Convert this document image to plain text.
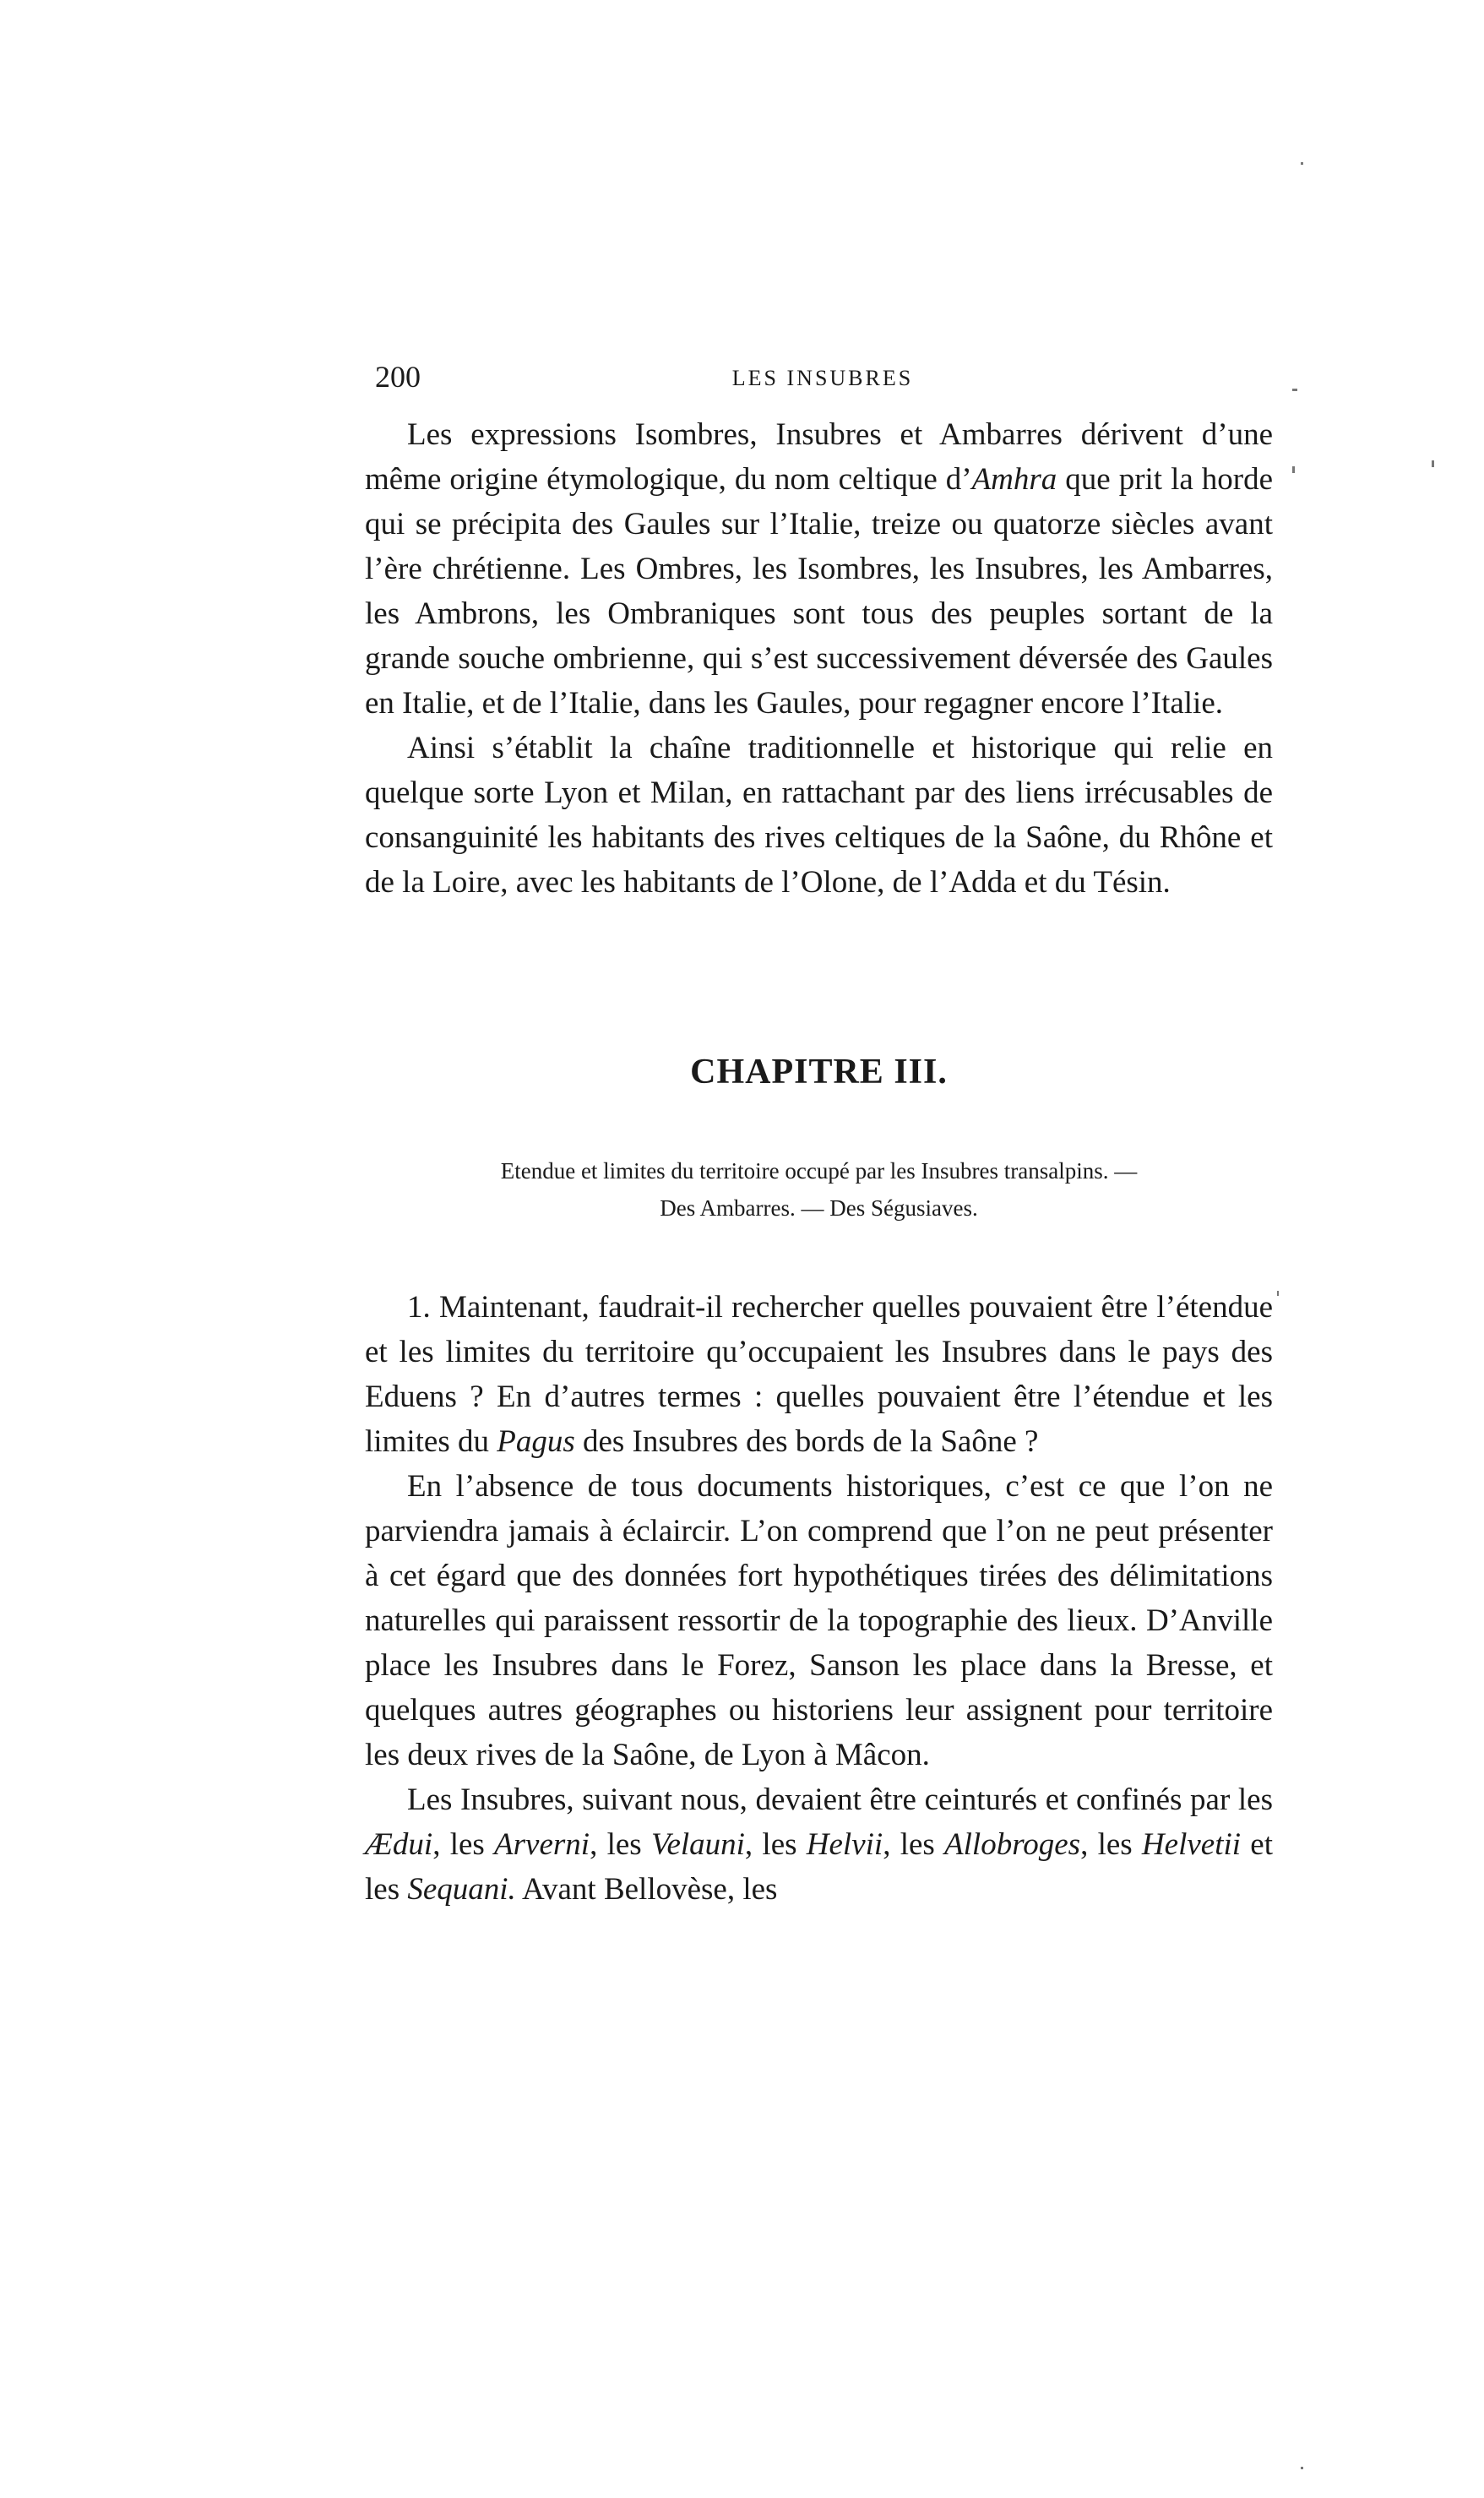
200	LES INSUBRES

Les expressions Isombres, Insubres et Ambarres dérivent d’une même origine étymologique, du nom celtique d’Amhra que prit la horde qui se précipita des Gaules sur l’Italie, treize ou quatorze siècles avant l’ère chrétienne. Les Ombres, les Isombres, les Insubres, les Ambarres, les Ambrons, les Ombraniques sont tous des peuples sortant de la grande souche ombrienne, qui s’est successivement déversée des Gaules en Italie, et de l’Italie, dans les Gaules, pour regagner encore l’Italie.

Ainsi s’établit la chaîne traditionnelle et historique qui relie en quelque sorte Lyon et Milan, en rattachant par des liens irrécusables de consanguinité les habitants des rives celtiques de la Saône, du Rhône et de la Loire, avec les habitants de l’Olone, de l’Adda et du Tésin.

CHAPITRE III.
Etendue et limites du territoire occupé par les Insubres transalpins. —
Des Ambarres. — Des Ségusiaves.

1. Maintenant, faudrait-il rechercher quelles pouvaient être l’étendue et les limites du territoire qu’occupaient les Insubres dans le pays des Eduens ? En d’autres termes : quelles pouvaient être l’étendue et les limites du Pagus des Insubres des bords de la Saône ?

En l’absence de tous documents historiques, c’est ce que l’on ne parviendra jamais à éclaircir. L’on comprend que l’on ne peut présenter à cet égard que des données fort hypothétiques tirées des délimitations naturelles qui paraissent ressortir de la topographie des lieux. D’Anville place les Insubres dans le Forez, Sanson les place dans la Bresse, et quelques autres géographes ou historiens leur assignent pour territoire les deux rives de la Saône, de Lyon à Mâcon.

Les Insubres, suivant nous, devaient être ceinturés et confinés par les Ædui, les Arverni, les Velauni, les Helvii, les Allobroges, les Helvetii et les Sequani. Avant Bellovèse, les
